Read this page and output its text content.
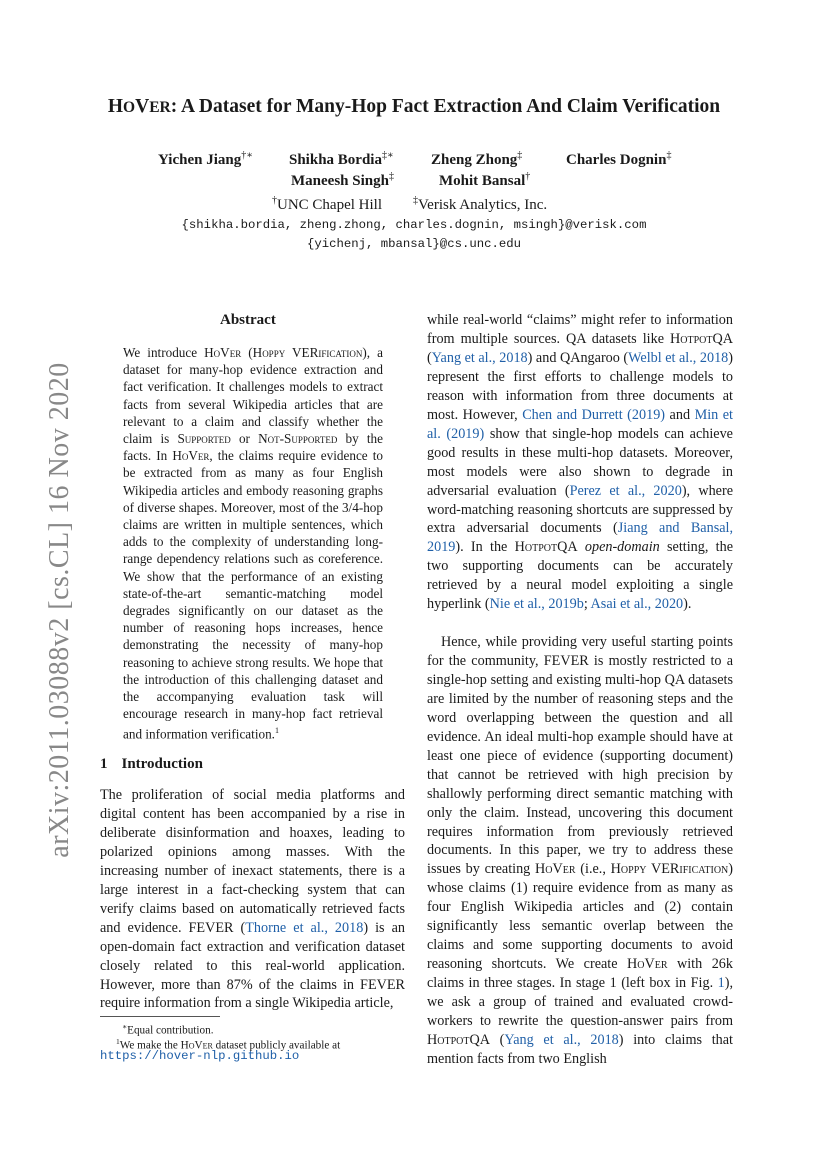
arXiv:2011.03088v2 [cs.CL] 16 Nov 2020
HOVER: A Dataset for Many-Hop Fact Extraction And Claim Verification
Yichen Jiang†∗ Shikha Bordia‡∗ Zheng Zhong‡	Charles Dognin‡
Maneesh Singh‡	Mohit Bansal†
†UNC Chapel Hill	‡Verisk Analytics, Inc.
{shikha.bordia, zheng.zhong, charles.dognin, msingh}@verisk.com
{yichenj, mbansal}@cs.unc.edu
Abstract

We introduce HoVer (Hoppy VERification), a dataset for many-hop evidence extraction and fact verification. It challenges models to extract facts from several Wikipedia articles that are relevant to a claim and classify whether the claim is Supported or Not-Supported by the facts. In HoVer, the claims require evidence to be extracted from as many as four English Wikipedia articles and embody reasoning graphs of diverse shapes. Moreover, most of the 3/4-hop claims are written in multiple sentences, which adds to the complexity of understanding long-range dependency relations such as coreference. We show that the performance of an existing state-of-the-art semantic-matching model degrades significantly on our dataset as the number of reasoning hops increases, hence demonstrating the necessity of many-hop reasoning to achieve strong results. We hope that the introduction of this challenging dataset and the accompanying evaluation task will encourage research in many-hop fact retrieval and information verification.$^1$

1 Introduction

The proliferation of social media platforms and digital content has been accompanied by a rise in deliberate disinformation and hoaxes, leading to polarized opinions among masses. With the increasing number of inexact statements, there is a large interest in a fact-checking system that can verify claims based on automatically retrieved facts and evidence. FEVER (Thorne et al., 2018) is an open-domain fact extraction and verification dataset closely related to this real-world application. However, more than 87% of the claims in FEVER require information from a single Wikipedia article,

while real-world “claims” might refer to information from multiple sources. QA datasets like HotpotQA (Yang et al., 2018) and QAngaroo (Welbl et al., 2018) represent the first efforts to challenge models to reason with information from three documents at most. However, Chen and Durrett (2019) and Min et al. (2019) show that single-hop models can achieve good results in these multi-hop datasets. Moreover, most models were also shown to degrade in adversarial evaluation (Perez et al., 2020), where word-matching reasoning shortcuts are suppressed by extra adversarial documents (Jiang and Bansal, 2019). In the HotpotQA open-domain setting, the two supporting documents can be accurately retrieved by a neural model exploiting a single hyperlink (Nie et al., 2019b; Asai et al., 2020).

Hence, while providing very useful starting points for the community, FEVER is mostly restricted to a single-hop setting and existing multi-hop QA datasets are limited by the number of reasoning steps and the word overlapping between the question and all evidence. An ideal multi-hop example should have at least one piece of evidence (supporting document) that cannot be retrieved with high precision by shallowly performing direct semantic matching with only the claim. Instead, uncovering this document requires information from previously retrieved documents. In this paper, we try to address these issues by creating HoVer (i.e., Hoppy VERification) whose claims (1) require evidence from as many as four English Wikipedia articles and (2) contain significantly less semantic overlap between the claims and some supporting documents to avoid reasoning shortcuts. We create HoVer with 26k claims in three stages. In stage 1 (left box in Fig. 1), we ask a group of trained and evaluated crowd-workers to rewrite the question-answer pairs from HotpotQA (Yang et al., 2018) into claims that mention facts from two English

∗Equal contribution.

$^1$We make the HoVer dataset publicly available at

https://hover-nlp.github.io
